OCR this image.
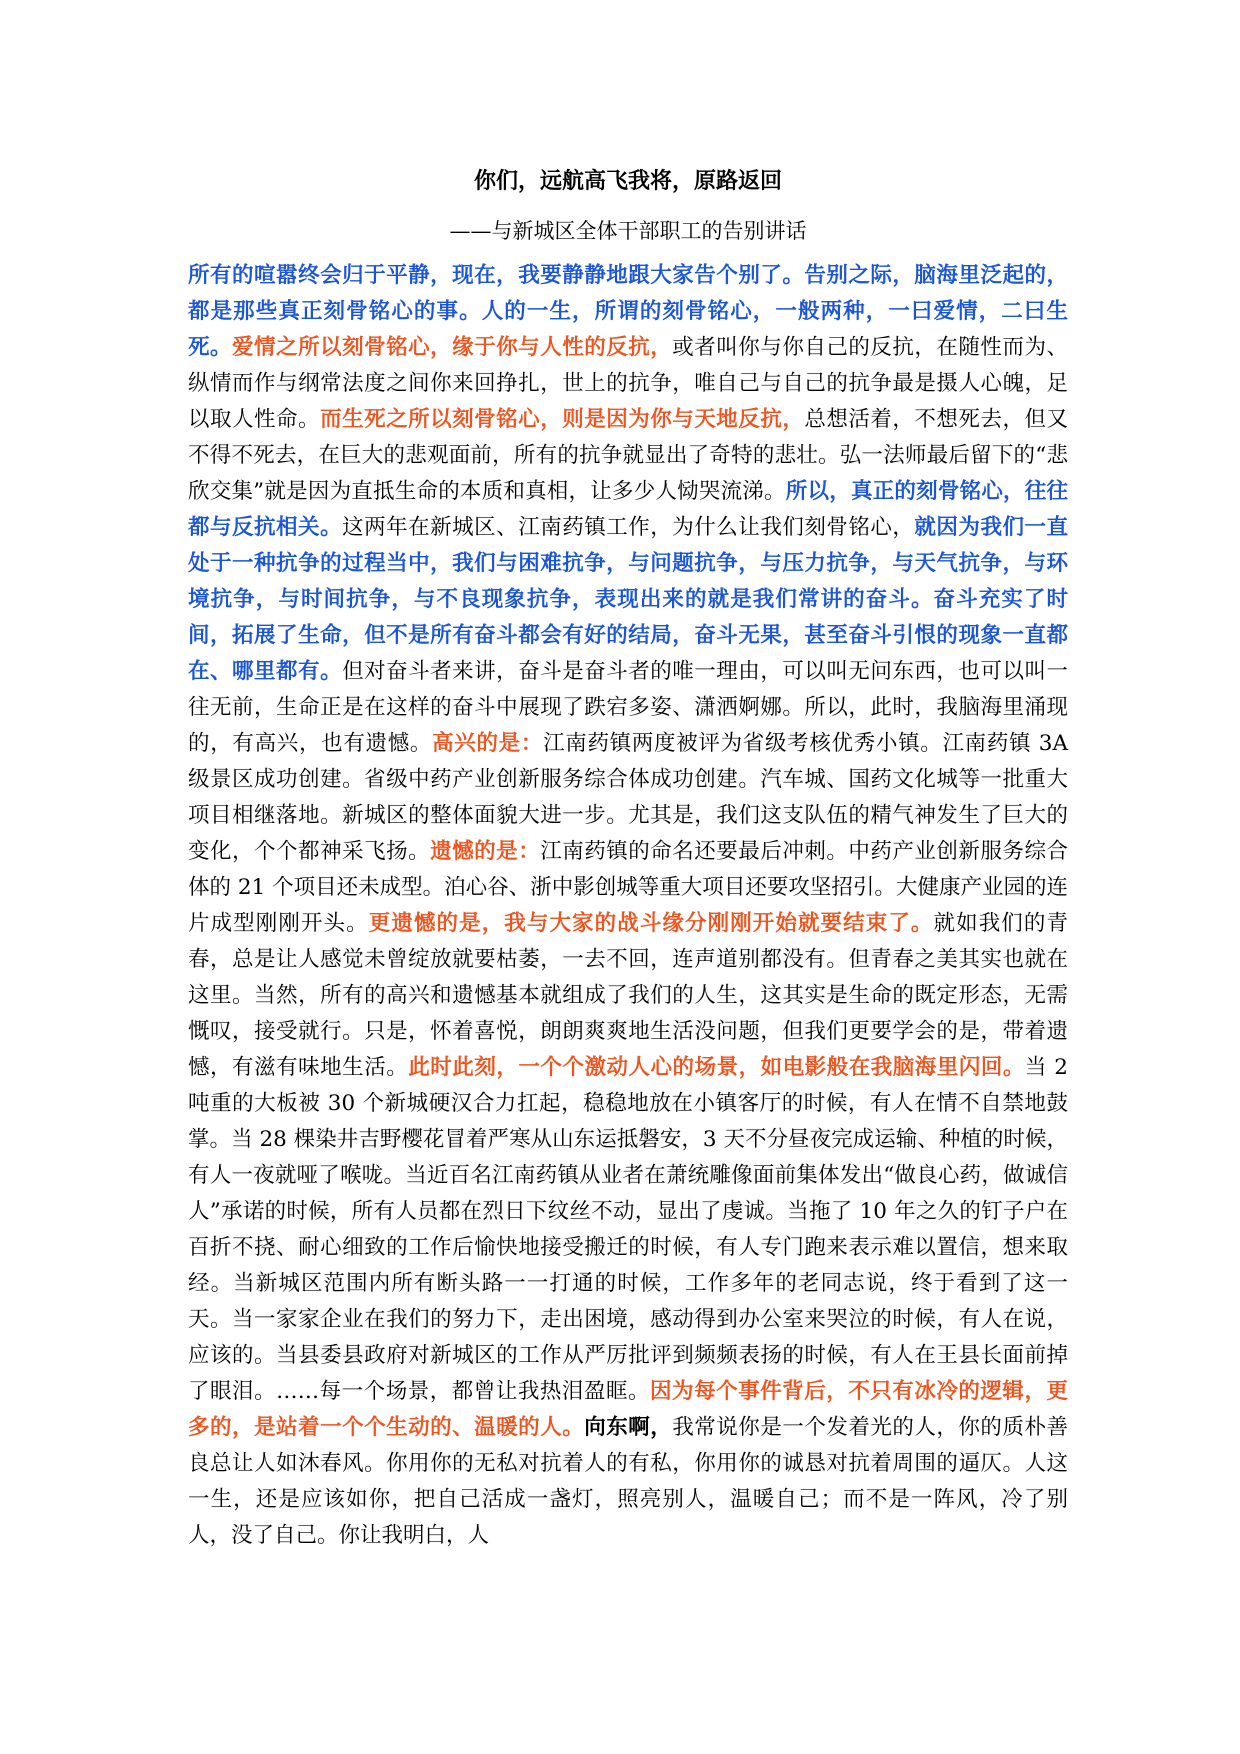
你们，远航高飞我将，原路返回
——与新城区全体干部职工的告别讲话

所有的喧嚣终会归于平静，现在，我要静静地跟大家告个别了。告别之际，脑海里泛起的，都是那些真正刻骨铭心的事。人的一生，所谓的刻骨铭心，一般两种，一曰爱情，二曰生死。爱情之所以刻骨铭心，缘于你与人性的反抗，或者叫你与你自己的反抗，在随性而为、纵情而作与纲常法度之间你来回挣扎，世上的抗争，唯自己与自己的抗争最是摄人心魄，足以取人性命。而生死之所以刻骨铭心，则是因为你与天地反抗，总想活着，不想死去，但又不得不死去，在巨大的悲观面前，所有的抗争就显出了奇特的悲壮。弘一法师最后留下的“悲欣交集”就是因为直抵生命的本质和真相，让多少人恸哭流涕。所以，真正的刻骨铭心，往往都与反抗相关。这两年在新城区、江南药镇工作，为什么让我们刻骨铭心，就因为我们一直处于一种抗争的过程当中，我们与困难抗争，与问题抗争，与压力抗争，与天气抗争，与环境抗争，与时间抗争，与不良现象抗争，表现出来的就是我们常讲的奋斗。奋斗充实了时间，拓展了生命，但不是所有奋斗都会有好的结局，奋斗无果，甚至奋斗引恨的现象一直都在、哪里都有。但对奋斗者来讲，奋斗是奋斗者的唯一理由，可以叫无问东西，也可以叫一往无前，生命正是在这样的奋斗中展现了跌宕多姿、潇洒婀娜。所以，此时，我脑海里涌现的，有高兴，也有遗憾。高兴的是：江南药镇两度被评为省级考核优秀小镇。江南药镇 3A 级景区成功创建。省级中药产业创新服务综合体成功创建。汽车城、国药文化城等一批重大项目相继落地。新城区的整体面貌大进一步。尤其是，我们这支队伍的精气神发生了巨大的变化，个个都神采飞扬。遗憾的是：江南药镇的命名还要最后冲刺。中药产业创新服务综合体的 21 个项目还未成型。泊心谷、浙中影创城等重大项目还要攻坚招引。大健康产业园的连片成型刚刚开头。更遗憾的是，我与大家的战斗缘分刚刚开始就要结束了。就如我们的青春，总是让人感觉未曾绽放就要枯萎，一去不回，连声道别都没有。但青春之美其实也就在这里。当然，所有的高兴和遗憾基本就组成了我们的人生，这其实是生命的既定形态，无需慨叹，接受就行。只是，怀着喜悦，朗朗爽爽地生活没问题，但我们更要学会的是，带着遗憾，有滋有味地生活。此时此刻，一个个激动人心的场景，如电影般在我脑海里闪回。当 2 吨重的大板被 30 个新城硬汉合力扛起，稳稳地放在小镇客厅的时候，有人在情不自禁地鼓掌。当 28 棵染井吉野樱花冒着严寒从山东运抵磐安，3 天不分昼夜完成运输、种植的时候，有人一夜就哑了喉咙。当近百名江南药镇从业者在萧统雕像面前集体发出“做良心药，做诚信人”承诺的时候，所有人员都在烈日下纹丝不动，显出了虔诚。当拖了 10 年之久的钉子户在百折不挠、耐心细致的工作后愉快地接受搬迁的时候，有人专门跑来表示难以置信，想来取经。当新城区范围内所有断头路一一打通的时候，工作多年的老同志说，终于看到了这一天。当一家家企业在我们的努力下，走出困境，感动得到办公室来哭泣的时候，有人在说，应该的。当县委县政府对新城区的工作从严厉批评到频频表扬的时候，有人在王县长面前掉了眼泪。……每一个场景，都曾让我热泪盈眶。因为每个事件背后，不只有冰冷的逻辑，更多的，是站着一个个生动的、温暖的人。向东啊，我常说你是一个发着光的人，你的质朴善良总让人如沐春风。你用你的无私对抗着人的有私，你用你的诚恳对抗着周围的逼仄。人这一生，还是应该如你，把自己活成一盏灯，照亮别人，温暖自己；而不是一阵风，冷了别人，没了自己。你让我明白，人
